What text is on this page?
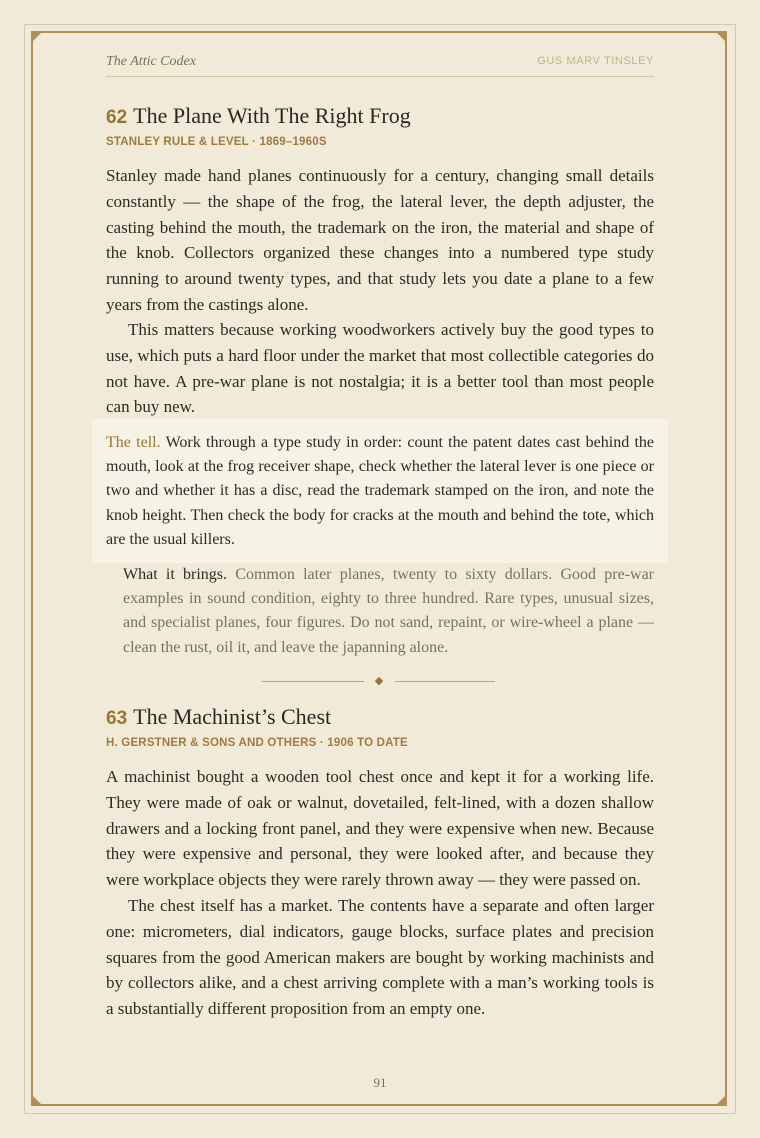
The Attic Codex	GUS MARV TINSLEY
62 The Plane With The Right Frog
STANLEY RULE & LEVEL · 1869–1960S

Stanley made hand planes continuously for a century, changing small details constantly — the shape of the frog, the lateral lever, the depth adjuster, the casting behind the mouth, the trademark on the iron, the material and shape of the knob. Collectors organized these changes into a numbered type study running to around twenty types, and that study lets you date a plane to a few years from the castings alone.

This matters because working woodworkers actively buy the good types to use, which puts a hard floor under the market that most collectible categories do not have. A pre-war plane is not nostalgia; it is a better tool than most people can buy new.

The tell. Work through a type study in order: count the patent dates cast behind the mouth, look at the frog receiver shape, check whether the lateral lever is one piece or two and whether it has a disc, read the trademark stamped on the iron, and note the knob height. Then check the body for cracks at the mouth and behind the tote, which are the usual killers.

What it brings. Common later planes, twenty to sixty dollars. Good pre-war examples in sound condition, eighty to three hundred. Rare types, unusual sizes, and specialist planes, four figures. Do not sand, repaint, or wire-wheel a plane — clean the rust, oil it, and leave the japanning alone.

◆
63 The Machinist’s Chest
H. GERSTNER & SONS AND OTHERS · 1906 TO DATE

A machinist bought a wooden tool chest once and kept it for a working life. They were made of oak or walnut, dovetailed, felt-lined, with a dozen shallow drawers and a locking front panel, and they were expensive when new. Because they were expensive and personal, they were looked after, and because they were workplace objects they were rarely thrown away — they were passed on.

The chest itself has a market. The contents have a separate and often larger one: micrometers, dial indicators, gauge blocks, surface plates and precision squares from the good American makers are bought by working machinists and by collectors alike, and a chest arriving complete with a man’s working tools is a substantially different proposition from an empty one.

91
